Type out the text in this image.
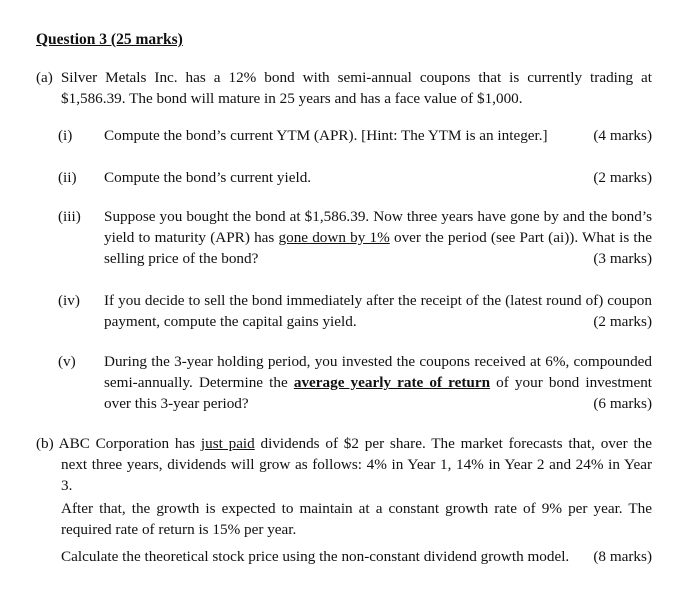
Question 3 (25 marks)
(a) Silver Metals Inc. has a 12% bond with semi-annual coupons that is currently trading at
$1,586.39. The bond will mature in 25 years and has a face value of $1,000.
(i) Compute the bond’s current YTM (APR). [Hint: The YTM is an integer.]	(4 marks)
(ii) Compute the bond’s current yield.	(2 marks)
(iii) Suppose you bought the bond at $1,586.39. Now three years have gone by and the bond’s
yield to maturity (APR) has gone down by 1% over the period (see Part (ai)). What is the
selling price of the bond?	(3 marks)
(iv) If you decide to sell the bond immediately after the receipt of the (latest round of) coupon
payment, compute the capital gains yield.	(2 marks)
(v) During the 3-year holding period, you invested the coupons received at 6%, compounded
semi-annually. Determine the average yearly rate of return of your bond investment
over this 3-year period?	(6 marks)
(b) ABC Corporation has just paid dividends of $2 per share. The market forecasts that, over the
next three years, dividends will grow as follows: 4% in Year 1, 14% in Year 2 and 24% in Year
3.
After that, the growth is expected to maintain at a constant growth rate of 9% per year. The
required rate of return is 15% per year.
Calculate the theoretical stock price using the non-constant dividend growth model. (8 marks)
